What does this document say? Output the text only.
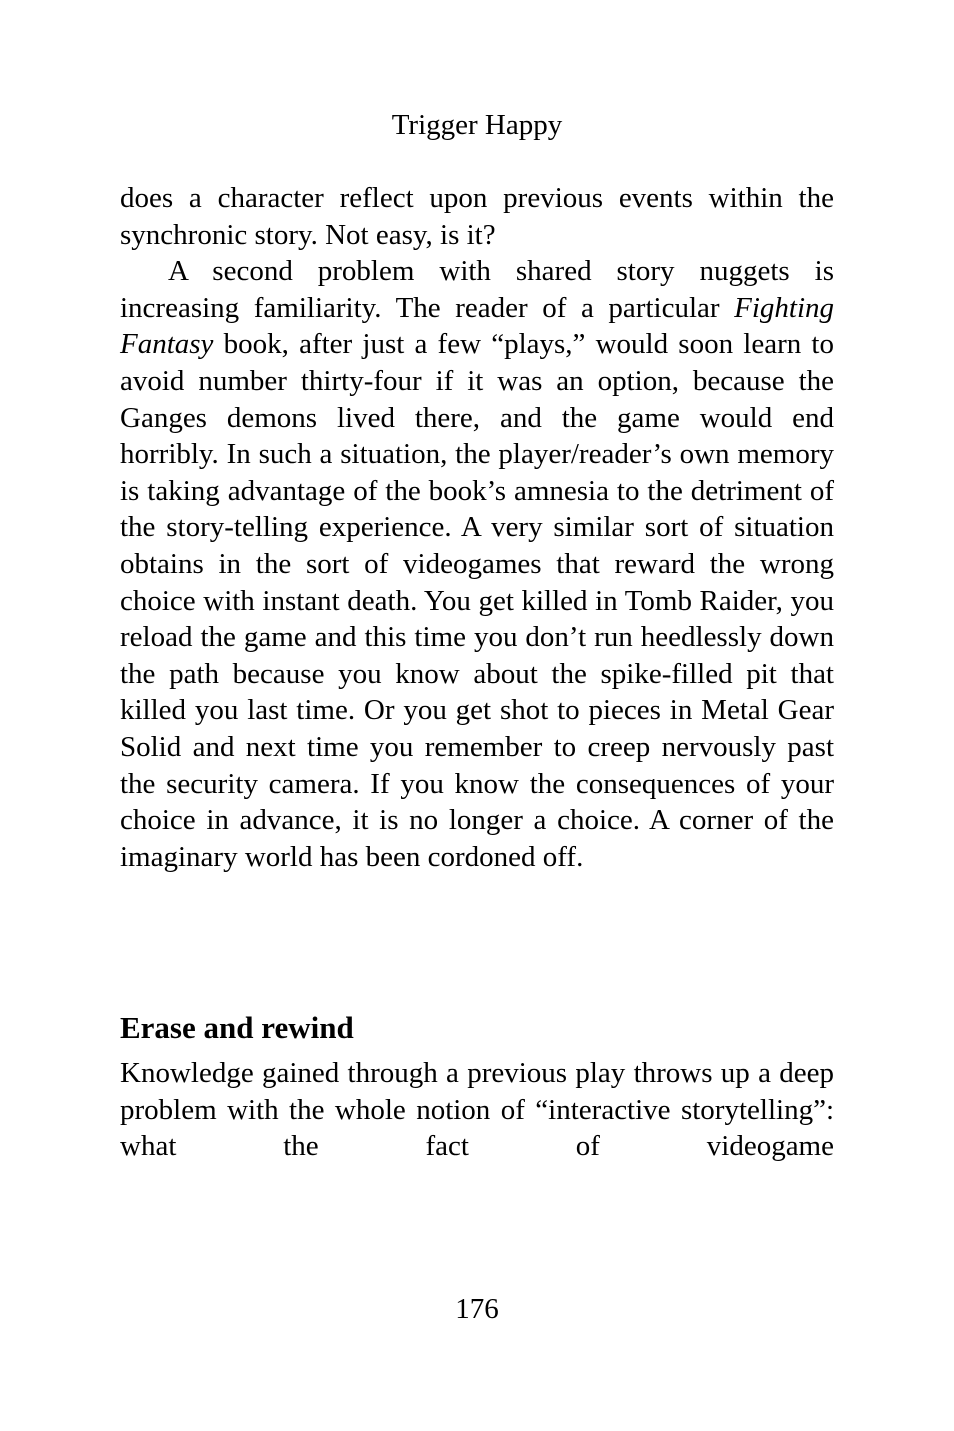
Trigger Happy

does a character reflect upon previous events within the synchronic story. Not easy, is it?

A second problem with shared story nuggets is increasing familiarity. The reader of a particular Fighting Fantasy book, after just a few “plays,” would soon learn to avoid number thirty-four if it was an option, because the Ganges demons lived there, and the game would end horribly. In such a situation, the player/reader’s own memory is taking advantage of the book’s amnesia to the detriment of the story-telling experience. A very similar sort of situation obtains in the sort of videogames that reward the wrong choice with instant death. You get killed in Tomb Raider, you reload the game and this time you don’t run heedlessly down the path because you know about the spike-filled pit that killed you last time. Or you get shot to pieces in Metal Gear Solid and next time you remember to creep nervously past the security camera. If you know the consequences of your choice in advance, it is no longer a choice. A corner of the imaginary world has been cordoned off.

Erase and rewind

Knowledge gained through a previous play throws up a deep problem with the whole notion of “interactive storytelling”: what the fact of videogame

176
